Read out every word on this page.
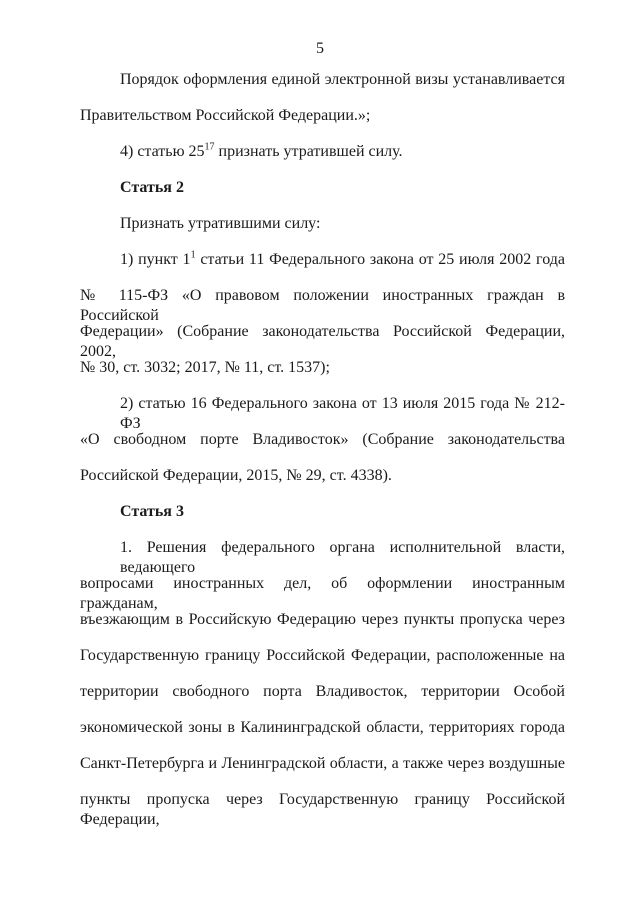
5
Порядок оформления единой электронной визы устанавливается
Правительством Российской Федерации.»;
4) статью $25^{17}$ признать утратившей силу.
Статья 2
Признать утратившими силу:
1) пункт $1^1$ статьи 11 Федерального закона от 25 июля 2002 года
№ 115-ФЗ «О правовом положении иностранных граждан в Российской
Федерации» (Собрание законодательства Российской Федерации, 2002,
№ 30, ст. 3032; 2017, № 11, ст. 1537);
2) статью 16 Федерального закона от 13 июля 2015 года № 212-ФЗ
«О свободном порте Владивосток» (Собрание законодательства
Российской Федерации, 2015, № 29, ст. 4338).
Статья 3
1. Решения федерального органа исполнительной власти, ведающего
вопросами иностранных дел, об оформлении иностранным гражданам,
въезжающим в Российскую Федерацию через пункты пропуска через
Государственную границу Российской Федерации, расположенные на
территории свободного порта Владивосток, территории Особой
экономической зоны в Калининградской области, территориях города
Санкт-Петербурга и Ленинградской области, а также через воздушные
пункты пропуска через Государственную границу Российской Федерации,
